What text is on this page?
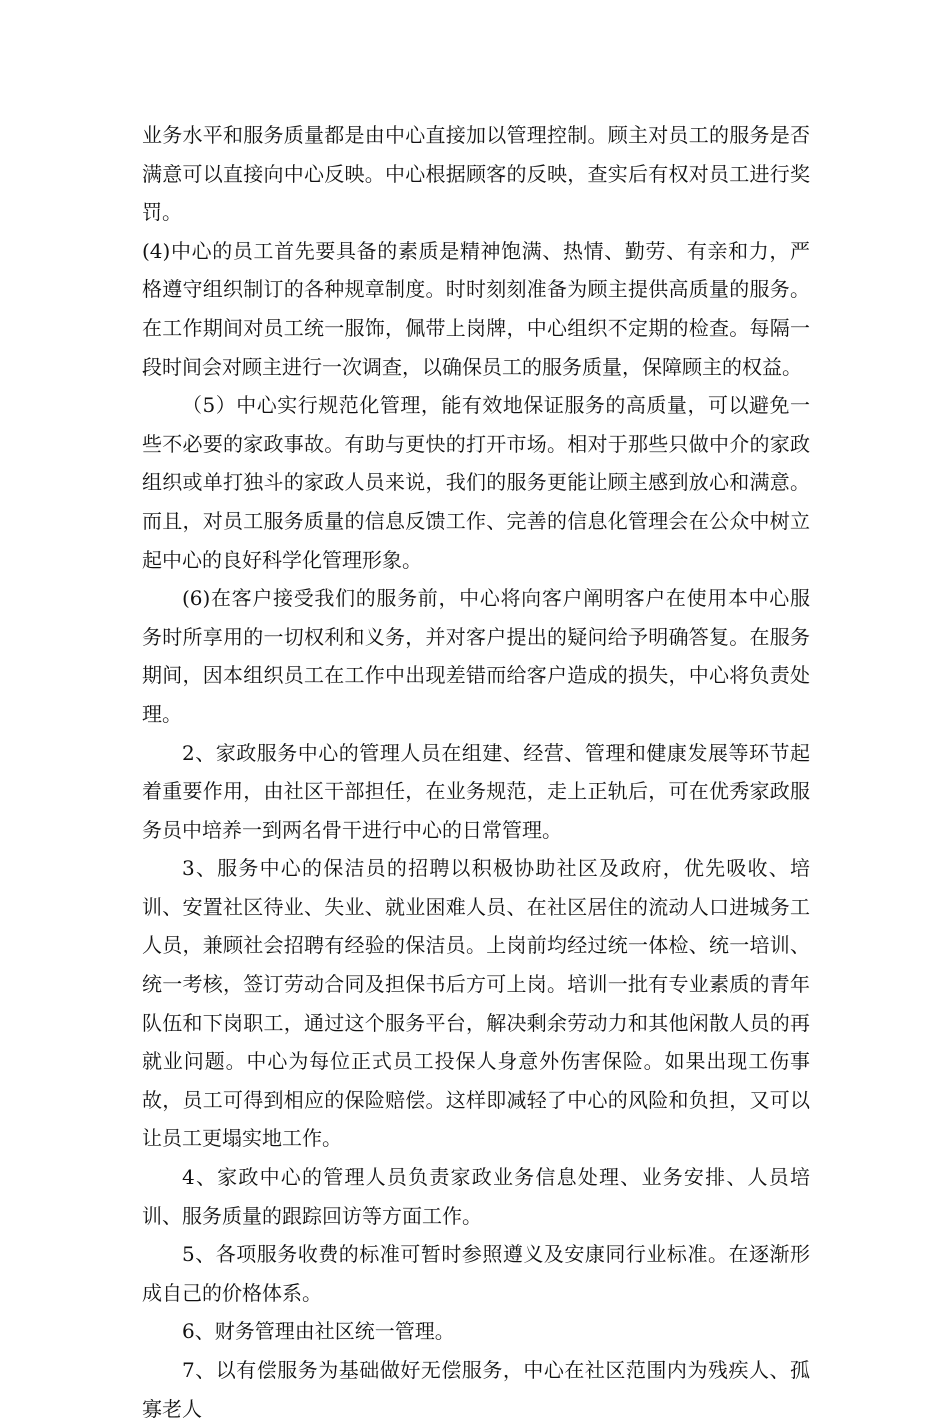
业务水平和服务质量都是由中心直接加以管理控制。顾主对员工的服务是否满意可以直接向中心反映。中心根据顾客的反映，查实后有权对员工进行奖罚。

(4)中心的员工首先要具备的素质是精神饱满、热情、勤劳、有亲和力，严格遵守组织制订的各种规章制度。时时刻刻准备为顾主提供高质量的服务。在工作期间对员工统一服饰，佩带上岗牌，中心组织不定期的检查。每隔一段时间会对顾主进行一次调查，以确保员工的服务质量，保障顾主的权益。

（5）中心实行规范化管理，能有效地保证服务的高质量，可以避免一些不必要的家政事故。有助与更快的打开市场。相对于那些只做中介的家政组织或单打独斗的家政人员来说，我们的服务更能让顾主感到放心和满意。而且，对员工服务质量的信息反馈工作、完善的信息化管理会在公众中树立起中心的良好科学化管理形象。

(6)在客户接受我们的服务前，中心将向客户阐明客户在使用本中心服务时所享用的一切权利和义务，并对客户提出的疑问给予明确答复。在服务期间，因本组织员工在工作中出现差错而给客户造成的损失，中心将负责处理。

2、家政服务中心的管理人员在组建、经营、管理和健康发展等环节起着重要作用，由社区干部担任，在业务规范，走上正轨后，可在优秀家政服务员中培养一到两名骨干进行中心的日常管理。

3、服务中心的保洁员的招聘以积极协助社区及政府，优先吸收、培训、安置社区待业、失业、就业困难人员、在社区居住的流动人口进城务工人员，兼顾社会招聘有经验的保洁员。上岗前均经过统一体检、统一培训、统一考核，签订劳动合同及担保书后方可上岗。培训一批有专业素质的青年队伍和下岗职工，通过这个服务平台，解决剩余劳动力和其他闲散人员的再就业问题。中心为每位正式员工投保人身意外伤害保险。如果出现工伤事故，员工可得到相应的保险赔偿。这样即减轻了中心的风险和负担，又可以让员工更塌实地工作。

4、家政中心的管理人员负责家政业务信息处理、业务安排、人员培训、服务质量的跟踪回访等方面工作。

5、各项服务收费的标准可暂时参照遵义及安康同行业标准。在逐渐形成自己的价格体系。

6、财务管理由社区统一管理。

7、以有偿服务为基础做好无偿服务，中心在社区范围内为残疾人、孤寡老人
